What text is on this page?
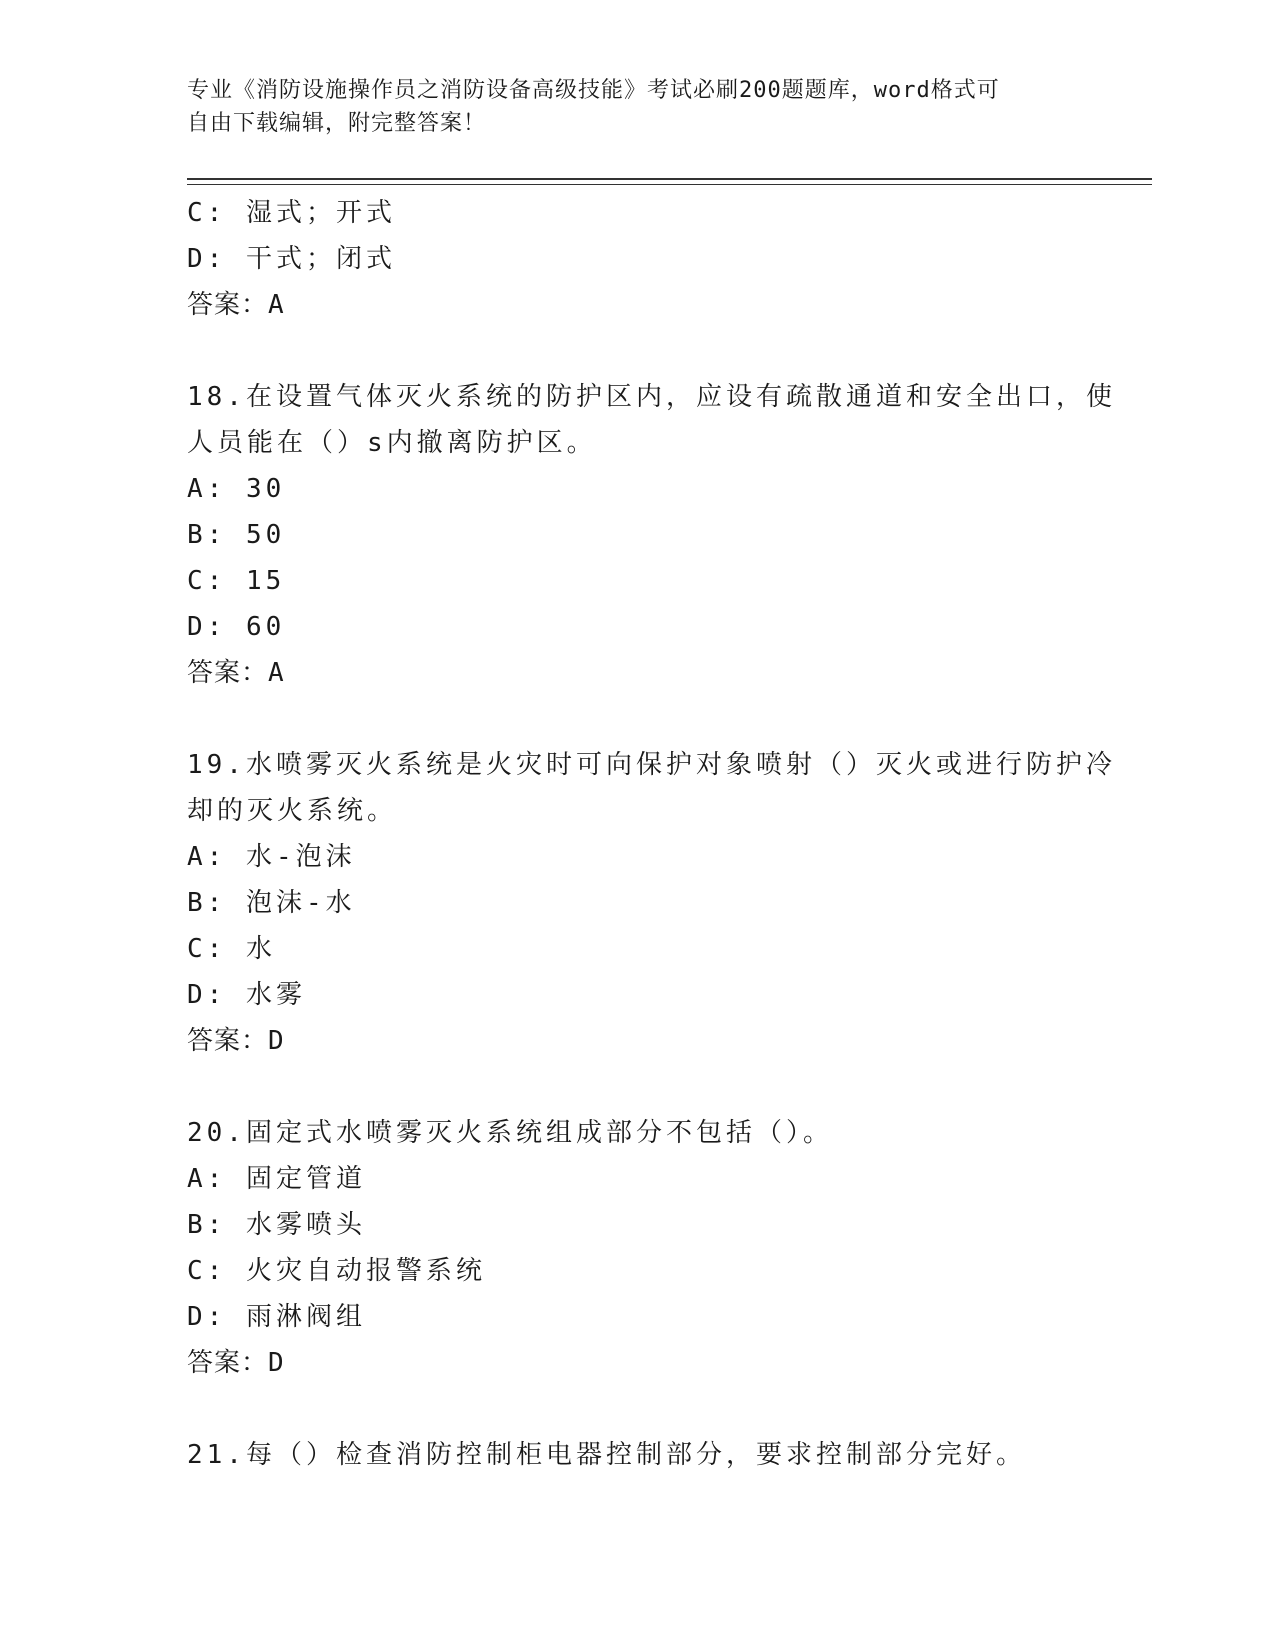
专业《消防设施操作员之消防设备高级技能》考试必刷200题题库，word格式可
自由下载编辑，附完整答案！
C: 湿式；开式
D: 干式；闭式
答案：A
18.在设置气体灭火系统的防护区内，应设有疏散通道和安全出口，使
人员能在（）s内撤离防护区。
A: 30
B: 50
C: 15
D: 60
答案：A
19.水喷雾灭火系统是火灾时可向保护对象喷射（）灭火或进行防护冷
却的灭火系统。
A: 水-泡沫
B: 泡沫-水
C: 水
D: 水雾
答案：D
20.固定式水喷雾灭火系统组成部分不包括（）。
A: 固定管道
B: 水雾喷头
C: 火灾自动报警系统
D: 雨淋阀组
答案：D
21.每（）检查消防控制柜电器控制部分，要求控制部分完好。
